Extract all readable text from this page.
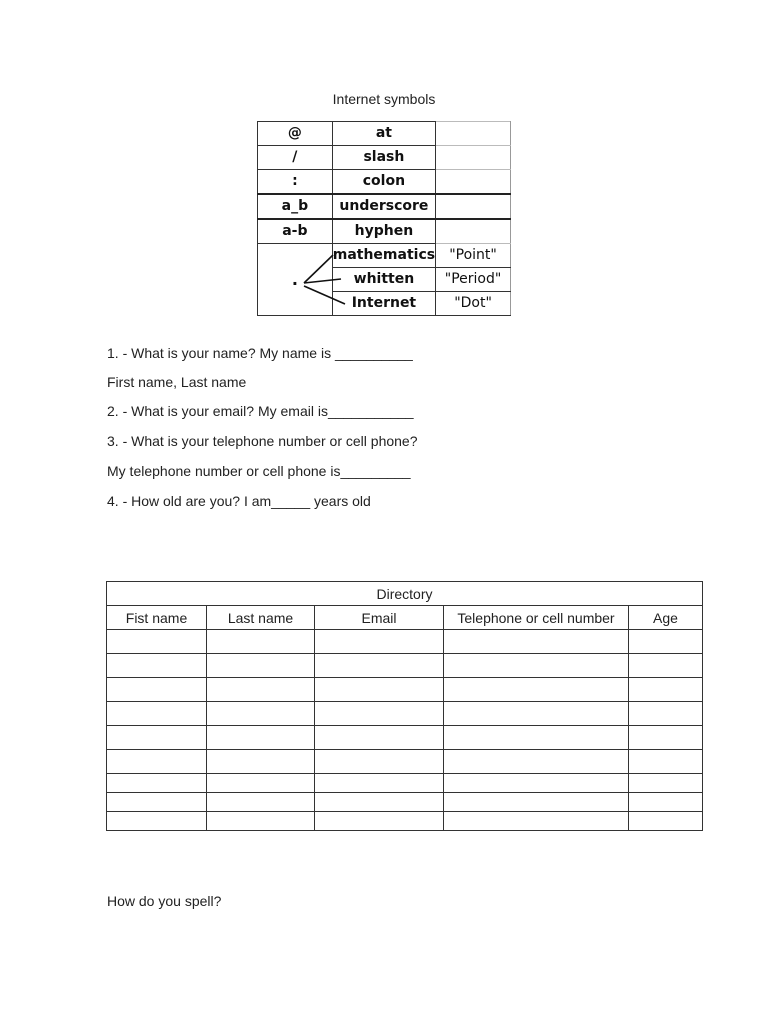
Internet symbols
@	at	
/	slash	
:	colon	
a_b	underscore	
a-b	hyphen	
.	mathematics	"Point"
	whitten	"Period"
	Internet	"Dot"
1. - What is your name? My name is __________
First name, Last name
2. - What is your email? My email is___________
3. - What is your telephone number or cell phone?
My telephone number or cell phone is_________
4. - How old are you? I am_____ years old
Directory				
Fist name	Last name	Email	Telephone or cell number	Age

How do you spell?
